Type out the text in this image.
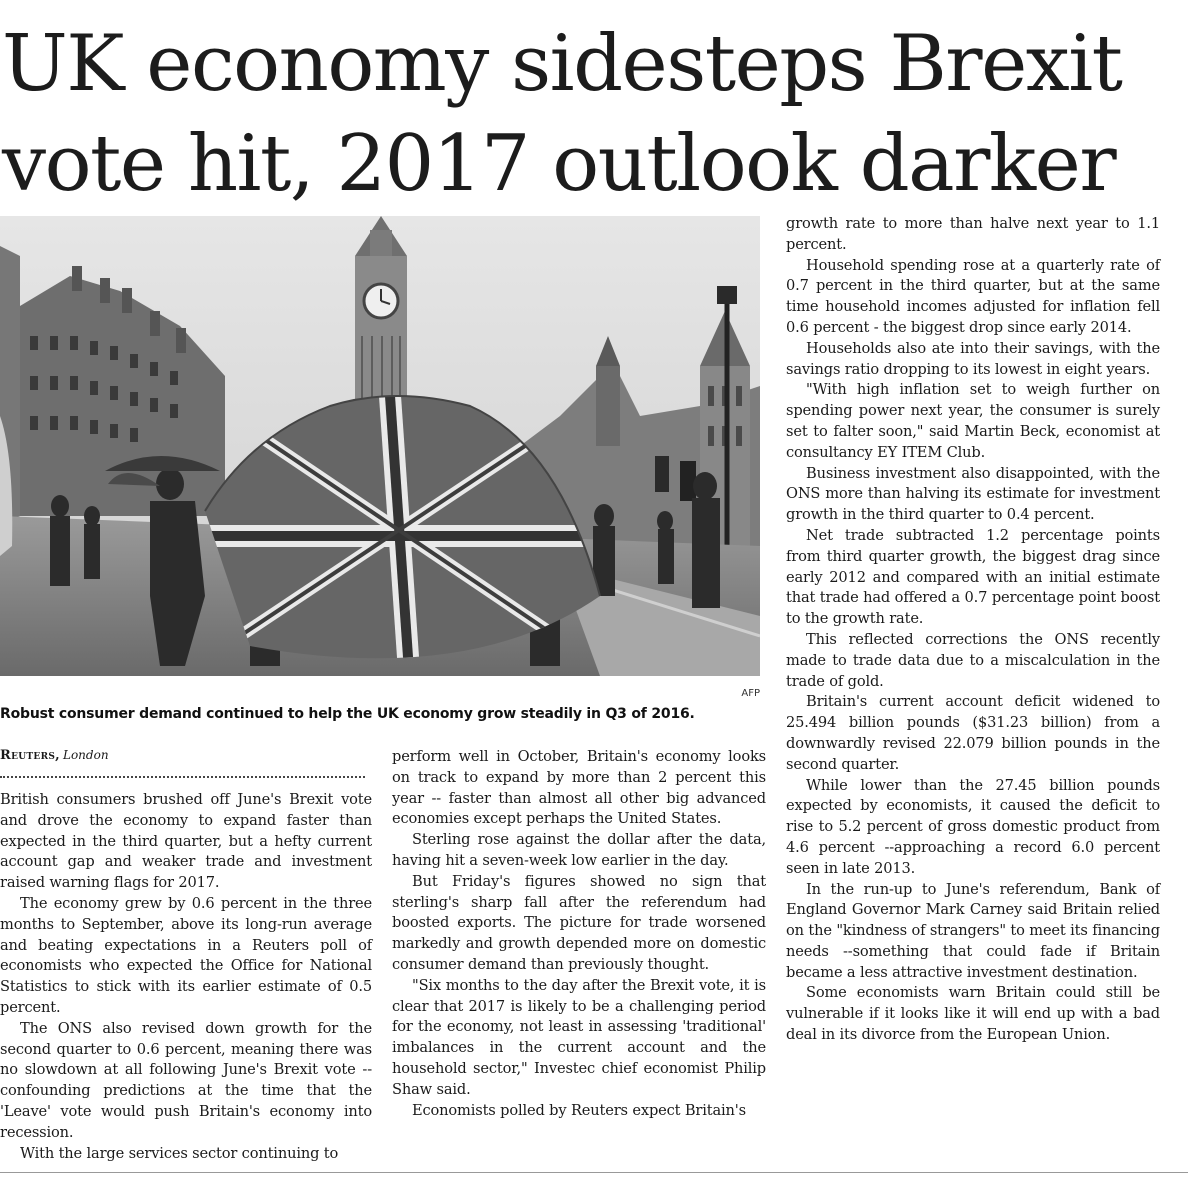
UK economy sidesteps Brexit
vote hit, 2017 outlook darker
AFP
Robust consumer demand continued to help the UK economy grow steadily in Q3 of 2016.
Reuters, London

British consumers brushed off June's Brexit vote and drove the economy to expand faster than expected in the third quarter, but a hefty current account gap and weaker trade and investment raised warning flags for 2017.

The economy grew by 0.6 percent in the three months to September, above its long-run average and beating expectations in a Reuters poll of economists who expected the Office for National Statistics to stick with its earlier estimate of 0.5 percent.

The ONS also revised down growth for the second quarter to 0.6 percent, meaning there was no slowdown at all following June's Brexit vote -- confounding predictions at the time that the 'Leave' vote would push Britain's economy into recession.

With the large services sector continuing to

perform well in October, Britain's economy looks on track to expand by more than 2 percent this year -- faster than almost all other big advanced economies except perhaps the United States.

Sterling rose against the dollar after the data, having hit a seven-week low earlier in the day.

But Friday's figures showed no sign that sterling's sharp fall after the referendum had boosted exports. The picture for trade worsened markedly and growth depended more on domestic consumer demand than previously thought.

"Six months to the day after the Brexit vote, it is clear that 2017 is likely to be a challenging period for the economy, not least in assessing 'traditional' imbalances in the current account and the household sector," Investec chief economist Philip Shaw said.

Economists polled by Reuters expect Britain's

growth rate to more than halve next year to 1.1 percent.

Household spending rose at a quarterly rate of 0.7 percent in the third quarter, but at the same time household incomes adjusted for inflation fell 0.6 percent - the biggest drop since early 2014.

Households also ate into their savings, with the savings ratio dropping to its lowest in eight years.

"With high inflation set to weigh further on spending power next year, the consumer is surely set to falter soon," said Martin Beck, economist at consultancy EY ITEM Club.

Business investment also disappointed, with the ONS more than halving its estimate for investment growth in the third quarter to 0.4 percent.

Net trade subtracted 1.2 percentage points from third quarter growth, the biggest drag since early 2012 and compared with an initial estimate that trade had offered a 0.7 percentage point boost to the growth rate.

This reflected corrections the ONS recently made to trade data due to a miscalculation in the trade of gold.

Britain's current account deficit widened to 25.494 billion pounds ($31.23 billion) from a downwardly revised 22.079 billion pounds in the second quarter.

While lower than the 27.45 billion pounds expected by economists, it caused the deficit to rise to 5.2 percent of gross domestic product from 4.6 percent --approaching a record 6.0 percent seen in late 2013.

In the run-up to June's referendum, Bank of England Governor Mark Carney said Britain relied on the "kindness of strangers" to meet its financing needs --something that could fade if Britain became a less attractive investment destination.

Some economists warn Britain could still be vulnerable if it looks like it will end up with a bad deal in its divorce from the European Union.
